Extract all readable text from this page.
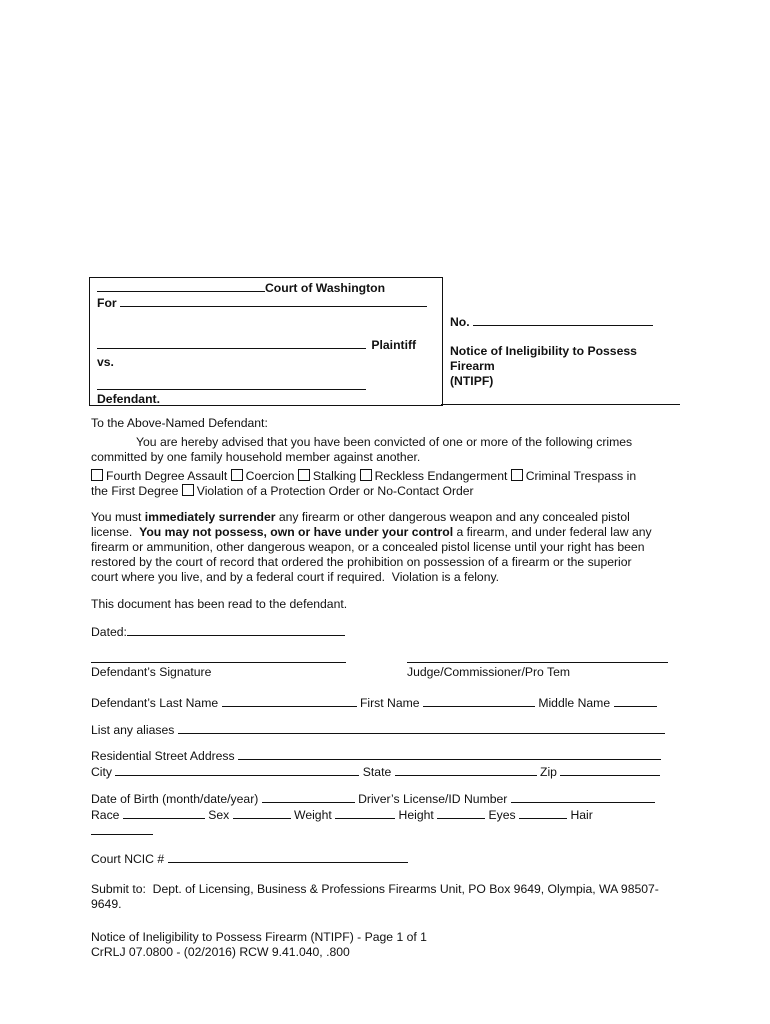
Court of Washington
For
Plaintiff
vs.
Defendant.
No.
Notice of Ineligibility to Possess
Firearm
(NTIPF)
To the Above-Named Defendant:
You are hereby advised that you have been convicted of one or more of the following crimes
committed by one family household member against another.
Fourth Degree Assault Coercion Stalking Reckless Endangerment Criminal Trespass in
the First Degree Violation of a Protection Order or No-Contact Order
You must immediately surrender any firearm or other dangerous weapon and any concealed pistol
license.  You may not possess, own or have under your control a firearm, and under federal law any
firearm or ammunition, other dangerous weapon, or a concealed pistol license until your right has been
restored by the court of record that ordered the prohibition on possession of a firearm or the superior
court where you live, and by a federal court if required.  Violation is a felony.
This document has been read to the defendant.
Dated:
Defendant’s Signature	Judge/Commissioner/Pro Tem
Defendant’s Last Name	First Name	Middle Name
List any aliases
Residential Street Address
City	State	Zip
Date of Birth (month/date/year)	Driver’s License/ID Number
Race	Sex	Weight	Height	Eyes	Hair
Court NCIC #
Submit to:  Dept. of Licensing, Business & Professions Firearms Unit, PO Box 9649, Olympia, WA 98507-
9649.
Notice of Ineligibility to Possess Firearm (NTIPF) - Page 1 of 1
CrRLJ 07.0800 - (02/2016) RCW 9.41.040, .800
